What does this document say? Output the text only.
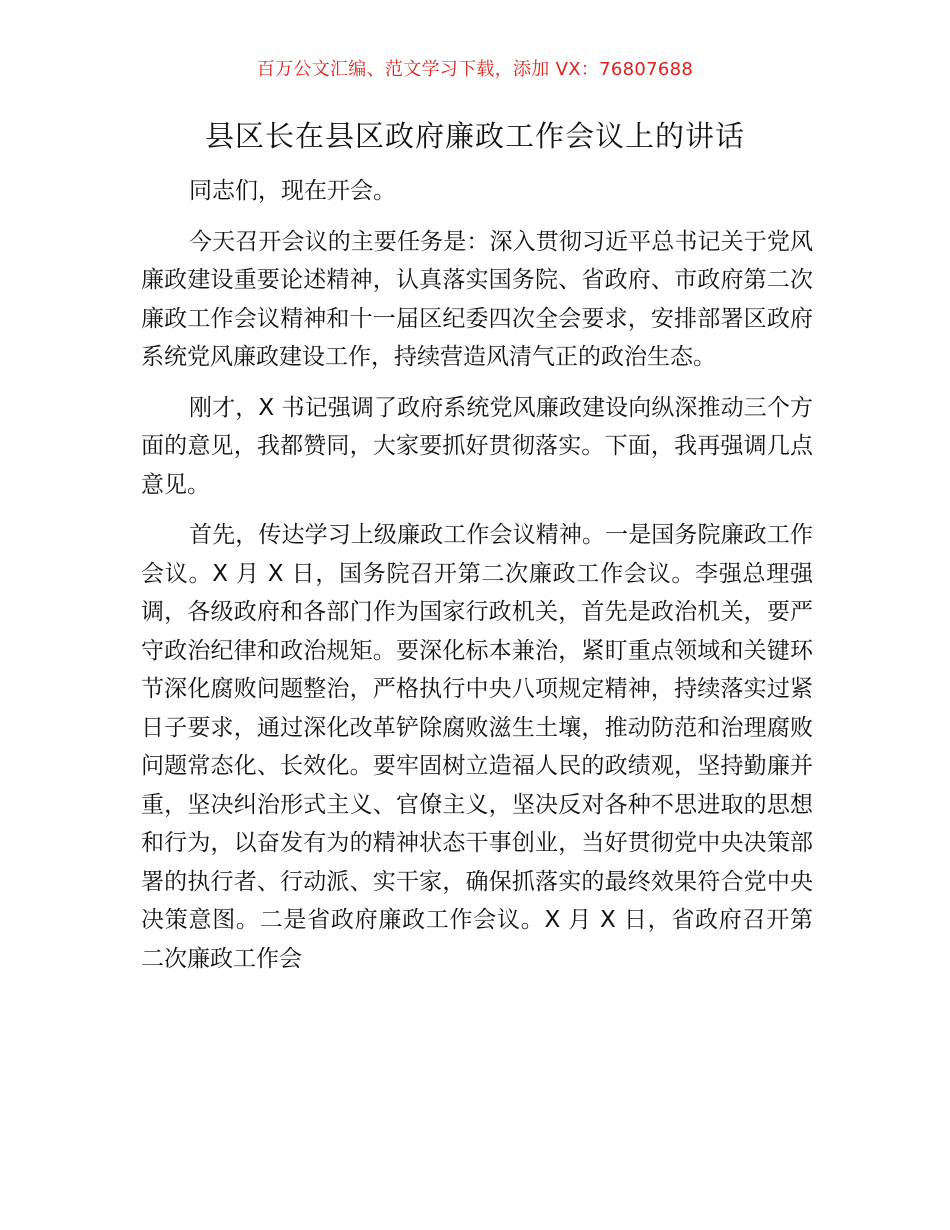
百万公文汇编、范文学习下载，添加 VX：76807688
县区长在县区政府廉政工作会议上的讲话

同志们，现在开会。

今天召开会议的主要任务是：深入贯彻习近平总书记关于党风廉政建设重要论述精神，认真落实国务院、省政府、市政府第二次廉政工作会议精神和十一届区纪委四次全会要求，安排部署区政府系统党风廉政建设工作，持续营造风清气正的政治生态。

刚才，X 书记强调了政府系统党风廉政建设向纵深推动三个方面的意见，我都赞同，大家要抓好贯彻落实。下面，我再强调几点意见。

首先，传达学习上级廉政工作会议精神。一是国务院廉政工作会议。X 月 X 日，国务院召开第二次廉政工作会议。李强总理强调，各级政府和各部门作为国家行政机关，首先是政治机关，要严守政治纪律和政治规矩。要深化标本兼治，紧盯重点领域和关键环节深化腐败问题整治，严格执行中央八项规定精神，持续落实过紧日子要求，通过深化改革铲除腐败滋生土壤，推动防范和治理腐败问题常态化、长效化。要牢固树立造福人民的政绩观，坚持勤廉并重，坚决纠治形式主义、官僚主义，坚决反对各种不思进取的思想和行为，以奋发有为的精神状态干事创业，当好贯彻党中央决策部署的执行者、行动派、实干家，确保抓落实的最终效果符合党中央决策意图。二是省政府廉政工作会议。X 月 X 日，省政府召开第二次廉政工作会
